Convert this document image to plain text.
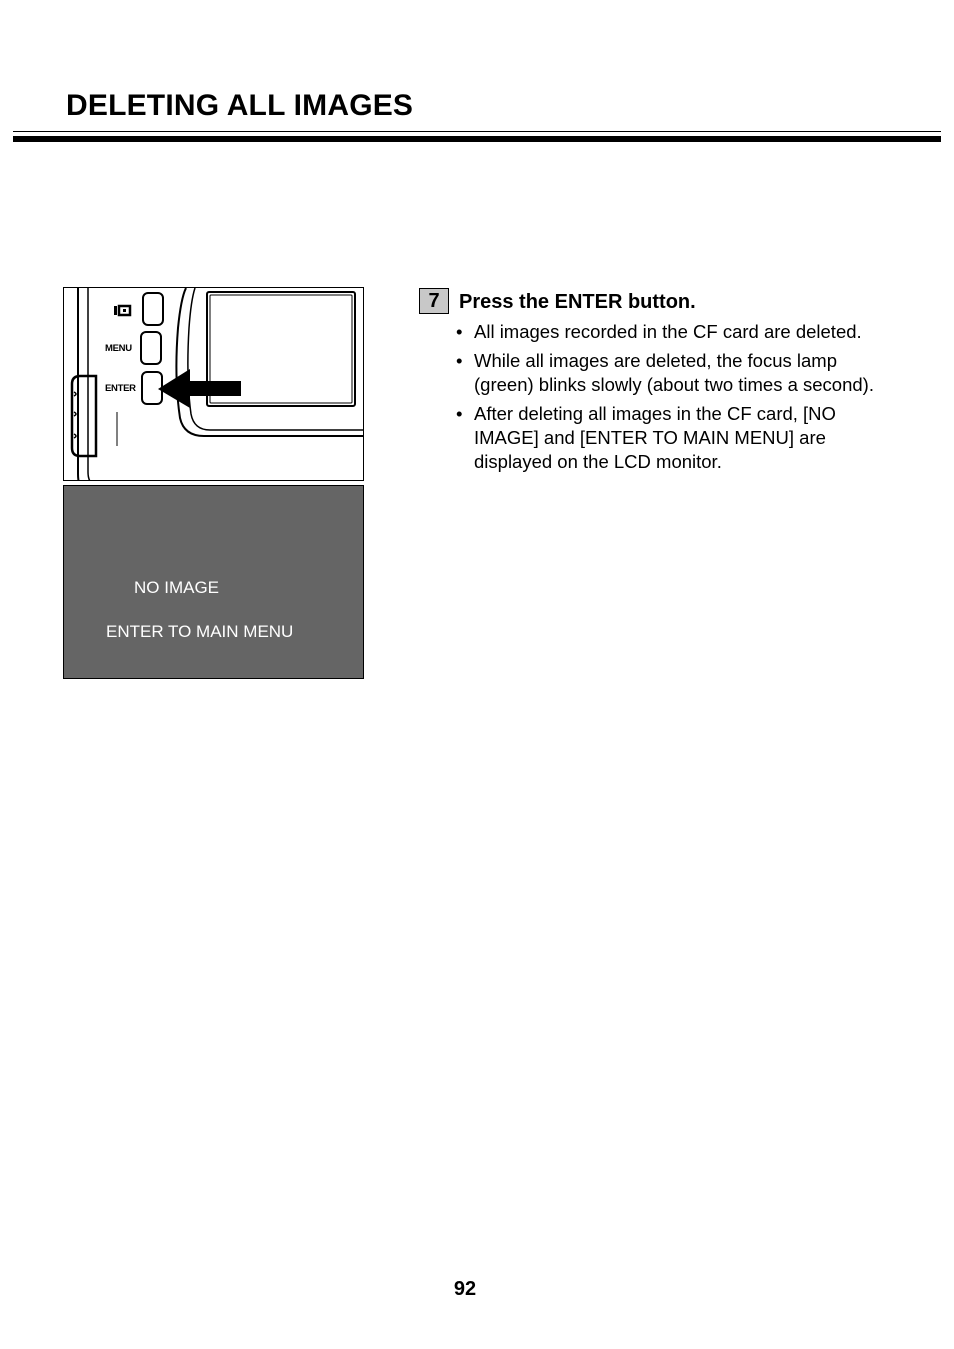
DELETING ALL IMAGES
MENU
ENTER
NO IMAGE
ENTER TO MAIN MENU
7 Press the ENTER button.
• All images recorded in the CF card are deleted.
• While all images are deleted, the focus lamp (green) blinks slowly (about two times a second).
• After deleting all images in the CF card, [NO IMAGE] and [ENTER TO MAIN MENU] are displayed on the LCD monitor.
92
